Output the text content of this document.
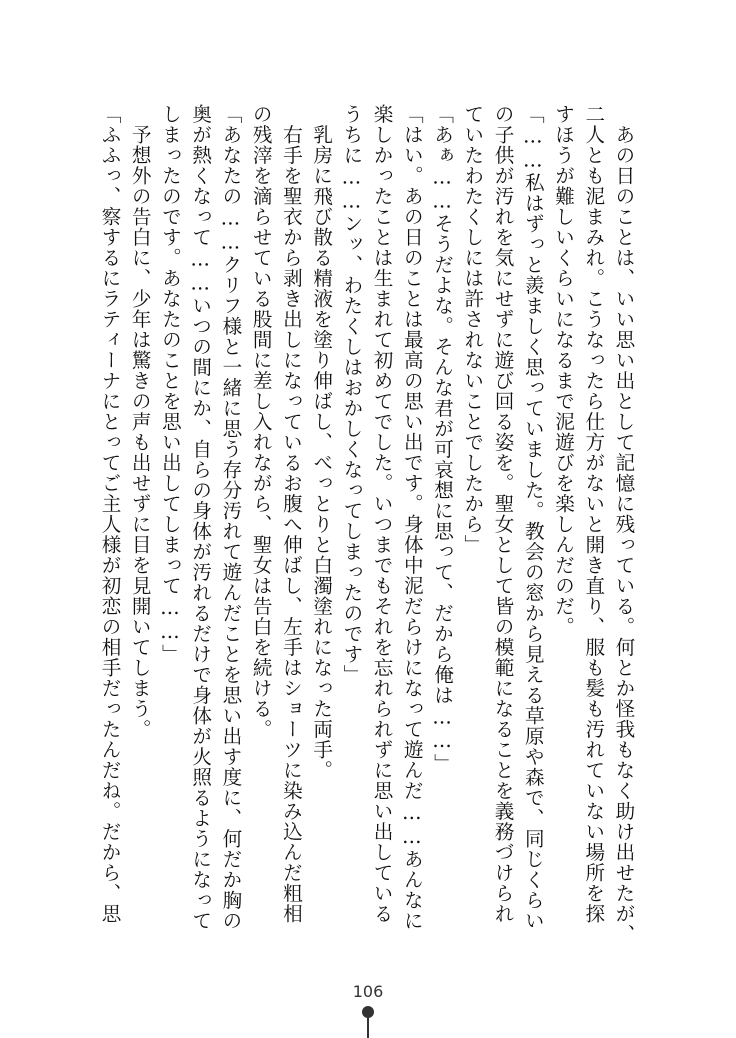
　あの日のことは、いい思い出として記憶に残っている。何とか怪我もなく助け出せたが、
二人とも泥まみれ。こうなったら仕方がないと開き直り、服も髪も汚れていない場所を探
すほうが難しいくらいになるまで泥遊びを楽しんだのだ。
「……私はずっと羨ましく思っていました。教会の窓から見える草原や森で、同じくらい
の子供が汚れを気にせずに遊び回る姿を。聖女として皆の模範になることを義務づけられ
ていたわたくしには許されないことでしたから」
「あぁ……そうだよな。そんな君が可哀想に思って、だから俺は……」
「はい。あの日のことは最高の思い出です。身体中泥だらけになって遊んだ……あんなに
楽しかったことは生まれて初めてでした。いつまでもそれを忘れられずに思い出している
うちに……ンッ、わたくしはおかしくなってしまったのです」
　乳房に飛び散る精液を塗り伸ばし、べっとりと白濁塗れになった両手。
　右手を聖衣から剥き出しになっているお腹へ伸ばし、左手はショーツに染み込んだ粗相
の残滓を滴らせている股間に差し入れながら、聖女は告白を続ける。
「あなたの……クリフ様と一緒に思う存分汚れて遊んだことを思い出す度に、何だか胸の
奥が熱くなって……いつの間にか、自らの身体が汚れるだけで身体が火照るようになって
しまったのです。あなたのことを思い出してしまって……」
　予想外の告白に、少年は驚きの声も出せずに目を見開いてしまう。
「ふふっ、察するにラティーナにとってご主人様が初恋の相手だったんだね。だから、思
106
